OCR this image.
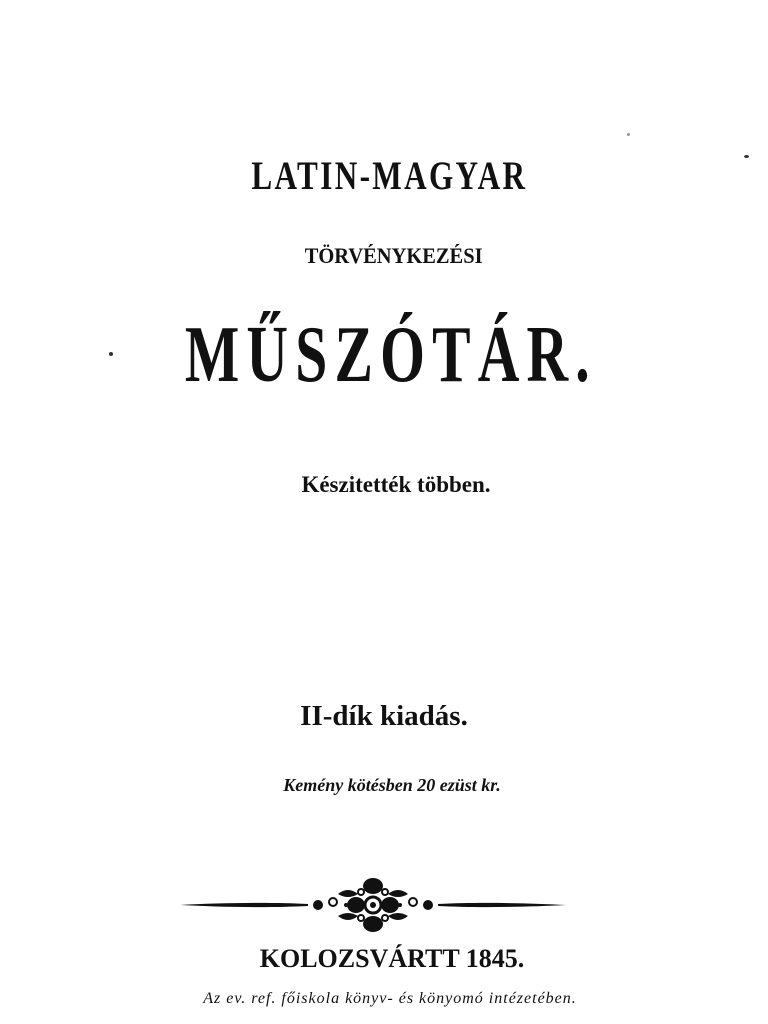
LATIN-MAGYAR
TÖRVÉNYKEZÉSI
MŰSZÓTÁR.
Készitették többen.
II-dík kiadás.
Kemény kötésben 20 ezüst kr.
KOLOZSVÁRTT 1845.
Az ev. ref. főiskola könyv- és könyomó intézetében.
